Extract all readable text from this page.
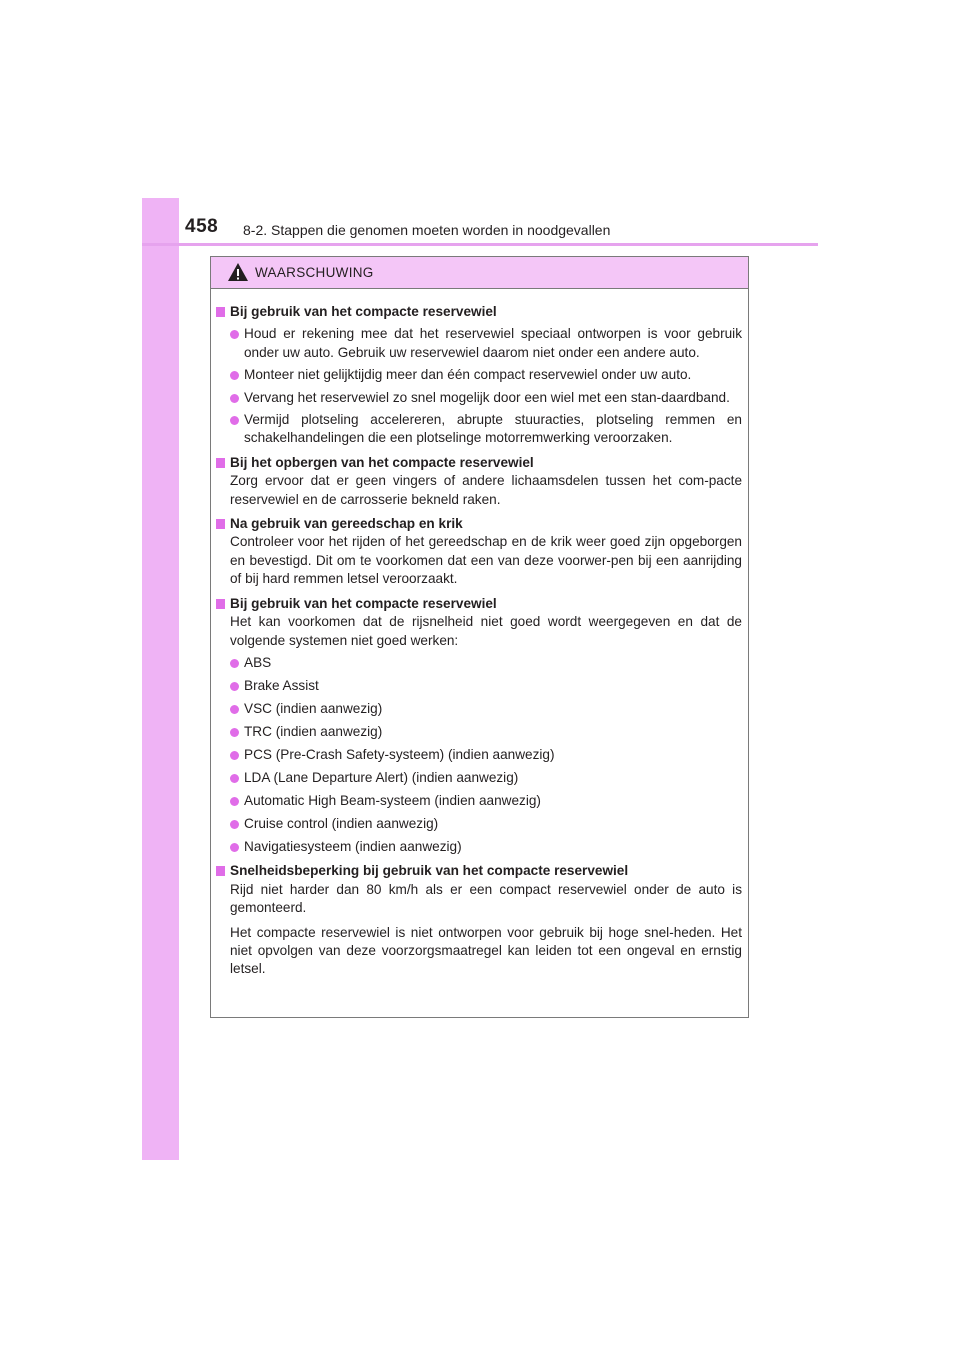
458 8-2. Stappen die genomen moeten worden in noodgevallen
WAARSCHUWING
Bij gebruik van het compacte reservewiel
Houd er rekening mee dat het reservewiel speciaal ontworpen is voor gebruik onder uw auto. Gebruik uw reservewiel daarom niet onder een andere auto.
Monteer niet gelijktijdig meer dan één compact reservewiel onder uw auto.
Vervang het reservewiel zo snel mogelijk door een wiel met een stan-daardband.
Vermijd plotseling accelereren, abrupte stuuracties, plotseling remmen en schakelhandelingen die een plotselinge motorremwerking veroorzaken.
Bij het opbergen van het compacte reservewiel
Zorg ervoor dat er geen vingers of andere lichaamsdelen tussen het com-pacte reservewiel en de carrosserie bekneld raken.
Na gebruik van gereedschap en krik
Controleer voor het rijden of het gereedschap en de krik weer goed zijn opgeborgen en bevestigd. Dit om te voorkomen dat een van deze voorwer-pen bij een aanrijding of bij hard remmen letsel veroorzaakt.
Bij gebruik van het compacte reservewiel
Het kan voorkomen dat de rijsnelheid niet goed wordt weergegeven en dat de volgende systemen niet goed werken:
ABS
Brake Assist
VSC (indien aanwezig)
TRC (indien aanwezig)
PCS (Pre-Crash Safety-systeem) (indien aanwezig)
LDA (Lane Departure Alert) (indien aanwezig)
Automatic High Beam-systeem (indien aanwezig)
Cruise control (indien aanwezig)
Navigatiesysteem (indien aanwezig)
Snelheidsbeperking bij gebruik van het compacte reservewiel
Rijd niet harder dan 80 km/h als er een compact reservewiel onder de auto is gemonteerd.
Het compacte reservewiel is niet ontworpen voor gebruik bij hoge snel-heden. Het niet opvolgen van deze voorzorgsmaatregel kan leiden tot een ongeval en ernstig letsel.
